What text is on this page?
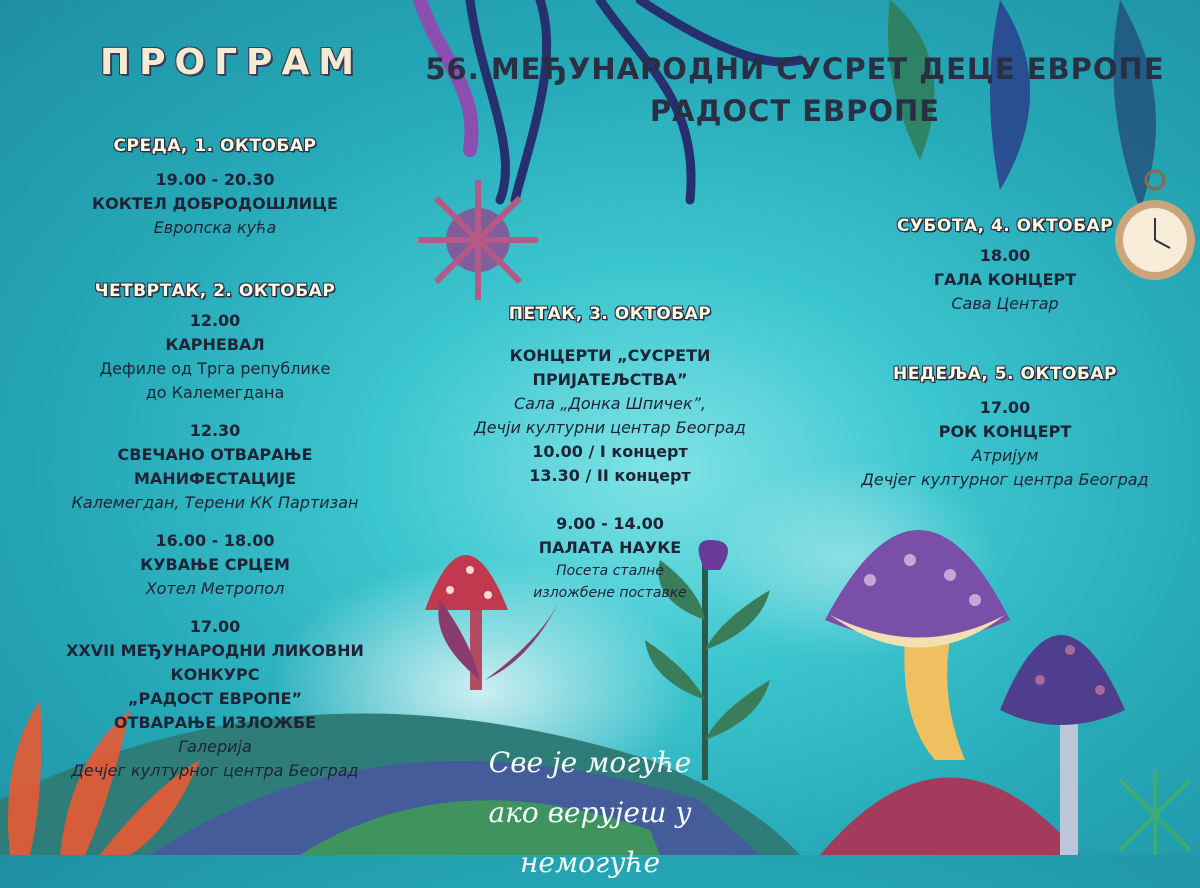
ПРОГРАМ 56. МЕЂУНАРОДНИ СУСРЕТ ДЕЦЕ ЕВРОПЕ
РАДОСТ ЕВРОПЕ
СРЕДА, 1. ОКТОБАР
19.00 - 20.30
КОКТЕЛ ДОБРОДОШЛИЦЕ
Европска кућа
ЧЕТВРТАК, 2. ОКТОБАР
12.00
КАРНЕВАЛ
Дефиле од Трга републике
до Калемегдана
12.30
СВЕЧАНО ОТВАРАЊЕ МАНИФЕСТАЦИЈЕ
Калемегдан, Терени КК Партизан
16.00 - 18.00
КУВАЊЕ СРЦЕМ
Хотел Метропол
17.00
XXVII МЕЂУНАРОДНИ ЛИКОВНИ КОНКУРС
„РАДОСТ ЕВРОПЕ”
ОТВАРАЊЕ ИЗЛОЖБЕ
Галерија
Дечјег културног центра Београд
ПЕТАК, 3. ОКТОБАР
КОНЦЕРТИ „СУСРЕТИ ПРИЈАТЕЉСТВА”
Сала „Донка Шпичек”,
Дечји културни центар Београд
10.00 / I концерт
13.30 / II концерт
9.00 - 14.00
ПАЛАТА НАУКЕ
Посета сталне
изложбене поставке
СУБОТА, 4. ОКТОБАР
18.00
ГАЛА КОНЦЕРТ
Сава Центар
НЕДЕЉА, 5. ОКТОБАР
17.00
РОК КОНЦЕРТ
Атријум
Дечјег културног центра Београд
Све је могуће
ако верујеш у немогуће
